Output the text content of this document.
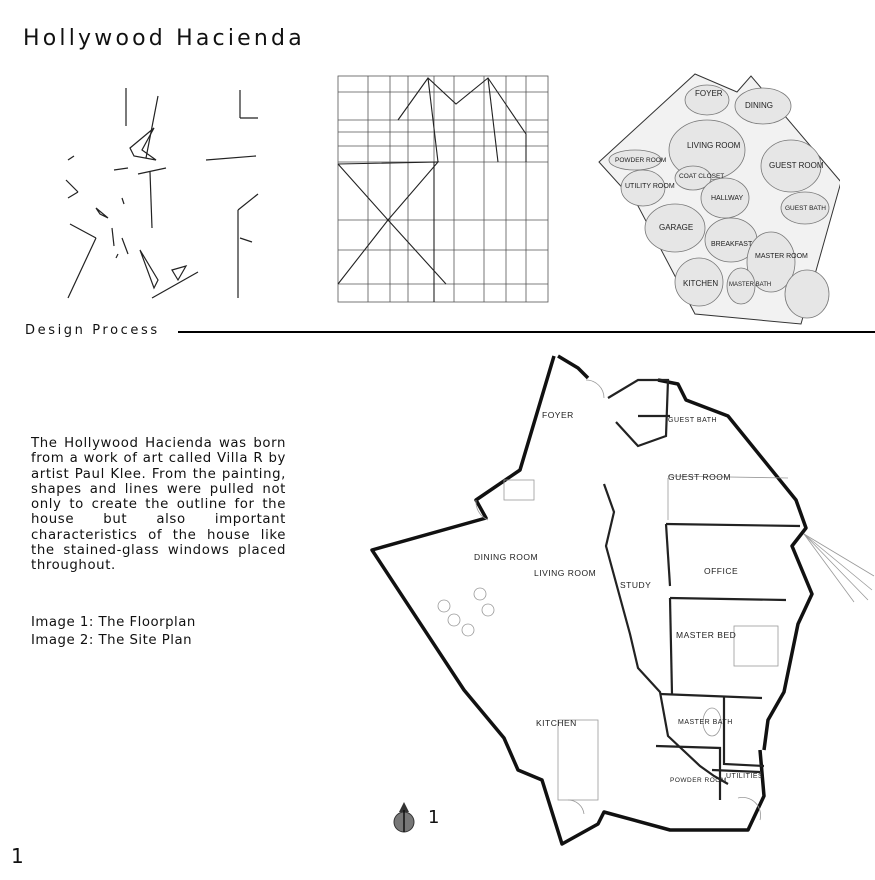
Hollywood Hacienda
FOYER
DINING
LIVING ROOM
POWDER ROOM
COAT CLOSET
UTILITY ROOM
GUEST ROOM
HALLWAY
GUEST BATH
GARAGE
BREAKFAST
MASTER ROOM
KITCHEN MASTER BATH
Design Process
The Hollywood Hacienda was born from a work of art called Villa R by artist Paul Klee. From the painting, shapes and lines were pulled not only to create the outline for the house but also important characteristics of the house like the stained-glass windows placed throughout.
Image 1: The Floorplan
Image 2: The Site Plan
FOYER
GUEST BATH
GUEST ROOM
DINING ROOM
LIVING ROOM
STUDY
OFFICE
MASTER BED
KITCHEN	MASTER BATH
UTILITIES
POWDER ROOM
1
1
